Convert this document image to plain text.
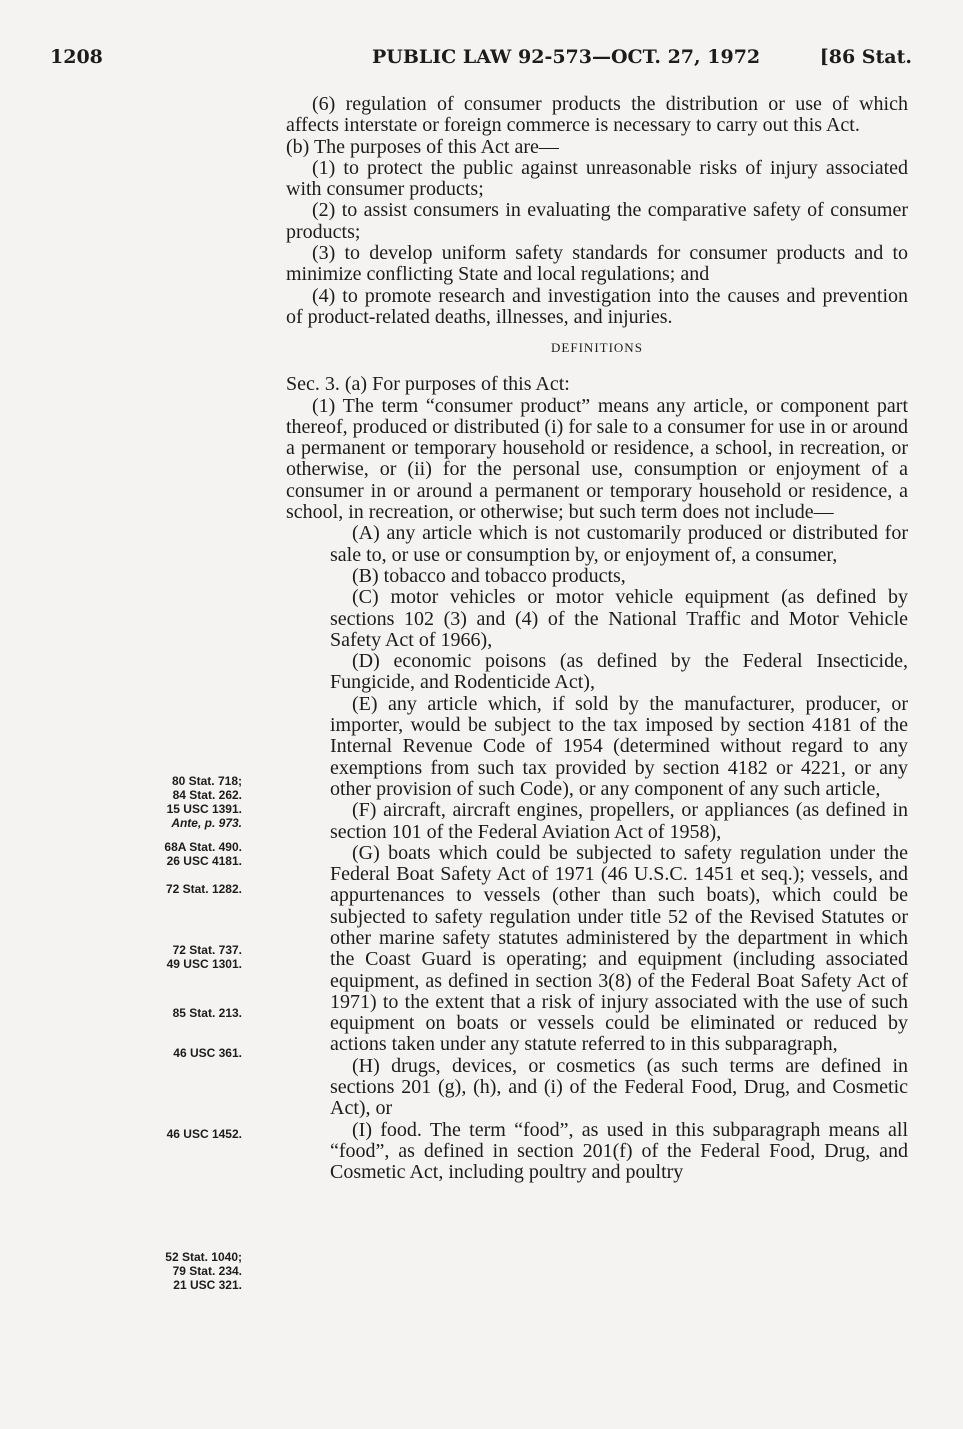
1208	PUBLIC LAW 92-573—OCT. 27, 1972	[86 Stat.
80 Stat. 718;
84 Stat. 262.
15 USC 1391.
Ante, p. 973.
68A Stat. 490.
26 USC 4181.
72 Stat. 1282.
72 Stat. 737.
49 USC 1301.
85 Stat. 213.
46 USC 361.
46 USC 1452.
52 Stat. 1040;
79 Stat. 234.
21 USC 321.

(6) regulation of consumer products the distribution or use of which affects interstate or foreign commerce is necessary to carry out this Act.

(b) The purposes of this Act are—

(1) to protect the public against unreasonable risks of injury associated with consumer products;

(2) to assist consumers in evaluating the comparative safety of consumer products;

(3) to develop uniform safety standards for consumer products and to minimize conflicting State and local regulations; and

(4) to promote research and investigation into the causes and prevention of product-related deaths, illnesses, and injuries.

DEFINITIONS

Sec. 3. (a) For purposes of this Act:

(1) The term “consumer product” means any article, or component part thereof, produced or distributed (i) for sale to a consumer for use in or around a permanent or temporary household or residence, a school, in recreation, or otherwise, or (ii) for the personal use, consumption or enjoyment of a consumer in or around a permanent or temporary household or residence, a school, in recreation, or otherwise; but such term does not include—

(A) any article which is not customarily produced or distributed for sale to, or use or consumption by, or enjoyment of, a consumer,

(B) tobacco and tobacco products,

(C) motor vehicles or motor vehicle equipment (as defined by sections 102 (3) and (4) of the National Traffic and Motor Vehicle Safety Act of 1966),

(D) economic poisons (as defined by the Federal Insecticide, Fungicide, and Rodenticide Act),

(E) any article which, if sold by the manufacturer, producer, or importer, would be subject to the tax imposed by section 4181 of the Internal Revenue Code of 1954 (determined without regard to any exemptions from such tax provided by section 4182 or 4221, or any other provision of such Code), or any component of any such article,

(F) aircraft, aircraft engines, propellers, or appliances (as defined in section 101 of the Federal Aviation Act of 1958),

(G) boats which could be subjected to safety regulation under the Federal Boat Safety Act of 1971 (46 U.S.C. 1451 et seq.); vessels, and appurtenances to vessels (other than such boats), which could be subjected to safety regulation under title 52 of the Revised Statutes or other marine safety statutes administered by the department in which the Coast Guard is operating; and equipment (including associated equipment, as defined in section 3(8) of the Federal Boat Safety Act of 1971) to the extent that a risk of injury associated with the use of such equipment on boats or vessels could be eliminated or reduced by actions taken under any statute referred to in this subparagraph,

(H) drugs, devices, or cosmetics (as such terms are defined in sections 201 (g), (h), and (i) of the Federal Food, Drug, and Cosmetic Act), or

(I) food. The term “food”, as used in this subparagraph means all “food”, as defined in section 201(f) of the Federal Food, Drug, and Cosmetic Act, including poultry and poultry
